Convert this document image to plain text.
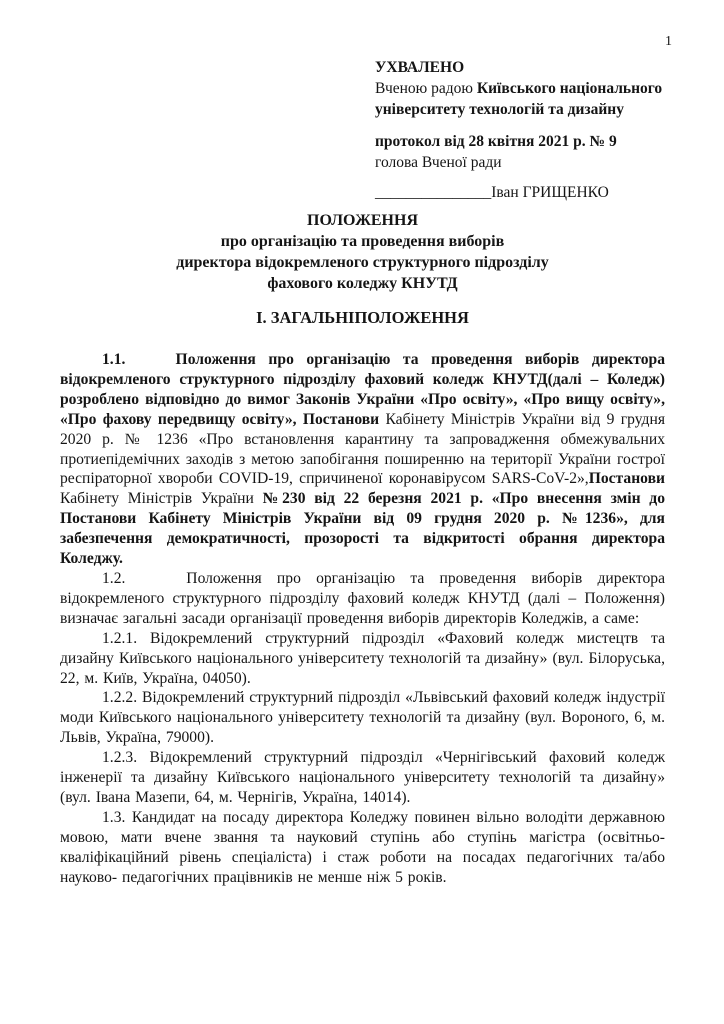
1
УХВАЛЕНО
Вченою радою Київського національного університету технологій та дизайну
протокол від 28 квітня 2021 р. № 9
голова Вченої ради
_______________Іван ГРИЩЕНКО
ПОЛОЖЕННЯ
про організацію та проведення виборів
директора відокремленого структурного підрозділу
фахового коледжу КНУТД
І. ЗАГАЛЬНІПОЛОЖЕННЯ

1.1.    Положення про організацію та проведення виборів директора відокремленого структурного підрозділу фаховий коледж КНУТД(далі – Коледж) розроблено відповідно до вимог Законів України «Про освіту», «Про вищу освіту», «Про фахову передвищу освіту», Постанови Кабінету Міністрів України від 9 грудня 2020 р. № 1236 «Про встановлення карантину та запровадження обмежувальних протиепідемічних заходів з метою запобігання поширенню на території України гострої респіраторної хвороби COVID-19, спричиненої коронавірусом SARS-CoV-2»,Постанови Кабінету Міністрів України №230 від 22 березня 2021 р. «Про внесення змін до Постанови Кабінету Міністрів України від 09 грудня 2020 р. №1236», для забезпечення демократичності, прозорості та відкритості обрання директора Коледжу.

1.2.    Положення про організацію та проведення виборів директора відокремленого структурного підрозділу фаховий коледж КНУТД (далі – Положення) визначає загальні засади організації проведення виборів директорів Коледжів, а саме:

1.2.1. Відокремлений структурний підрозділ «Фаховий коледж мистецтв та дизайну Київського національного університету технологій та дизайну» (вул. Білоруська, 22, м. Київ, Україна, 04050).

1.2.2. Відокремлений структурний підрозділ «Львівський фаховий коледж індустрії моди Київського національного університету технологій та дизайну (вул. Вороного, 6, м. Львів, Україна, 79000).

1.2.3. Відокремлений структурний підрозділ «Чернігівський фаховий коледж інженерії та дизайну Київського національного університету технологій та дизайну» (вул. Івана Мазепи, 64, м. Чернігів, Україна, 14014).

1.3. Кандидат на посаду директора Коледжу повинен вільно володіти державною мовою, мати вчене звання та науковий ступінь або ступінь магістра (освітньо-кваліфікаційний рівень спеціаліста) і стаж роботи на посадах педагогічних та/або науково- педагогічних працівників не менше ніж 5 років.
